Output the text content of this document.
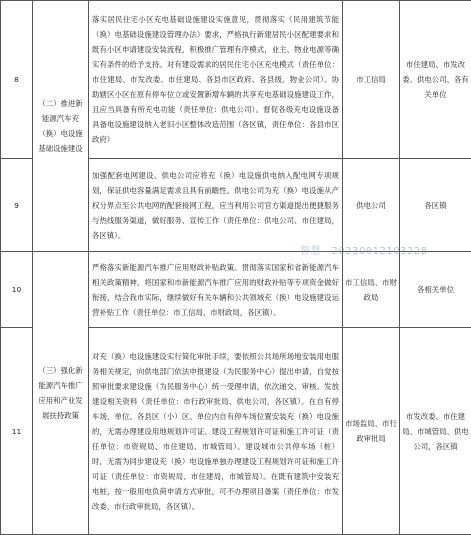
8	（二）推进新能源汽车充（换）电设施基础设施建设	落实居民住宅小区充电基础设施建设实施意见，贯彻落实《民用建筑节能（换）电基础设施建设管理办法》要求，严格执行新建居民小区配建要求和既有小区申请建设安装流程，积极推广管理有序模式，业主、物业电源等确实有条件的给予支持。对有建设需求的居民住宅小区充电模式（责任单位：市住建局、市发改委、市住建局、各县市区政府、各县级、物业公司）。协助辖区小区在原有停车位立或安置新增车辆的共享充电基础设施建设工作，且应当具备有所充电功能（责任单位：供电公司）。督促各级充电设施设备具备电设施建设纳入老旧小区整体改造范围（各区镇，责任单位：各县市区政府）	市工信局	市住建局、市发改委、供电公司、各有关单位
9		加强配套电网建设。供电公司应将充（换）电设施供电纳入配电网专项规划，保证供电容量满足需求且具有前瞻性。供电公司为充（换）电设施从产权分界点至公共电网的配套接网工程，应当利用公司官方渠道提出便捷服务与热线服务渠道，做好服务、宣传工作（责任单位：供电公司、市住建局，各区镇）。	供电公司	各区镇
10	（三）强化新能源汽车推广应用和产业发展扶持政策	严格落实新能源汽车推广应用财政补贴政策。贯彻落实国家和省新能源汽车相关政策精神，将国家和市新能源汽车推广应用的财政补贴等专项资金做好衔接，结合我市实际，继续做好有关车辆和公共领域充（换）电设施建设运营补贴工作（责任单位：市工信局、市财政局，各区镇）。	市工信局、市财政局	各相关单位
11		对充（换）电设施建设实行简化审批手续，要依照公共场所场地安装用电服务相关规定，向供电部门依法申报建设（为民服务中心）提出申请，自觉按照审批要求建设施（为民服务中心）统一受理申请，依次递交、审核、发放建设相关资料（责任单位：市行政审批局、供电公司，各区镇）。在自有停车场、单位、各县区（小）区、单位内自有停车场位置安装充（换）电设施的，无需办理建设用地规划许可证、建设工程规划许可证和施工许可证（责任单位：市资规局、市住建局、市城管局）。建设城市公共停车场（桩）时，无需为同步建设充（换）电设施单独办理建设工程规划许可证和施工许可证（责任单位：市资规局、市住建局，市城管局）。在既有建筑中安装充电桩，按一般用电负荷申请方式审批，可不办理项目备案（责任单位：市发改委、市行政审批局，各区镇）。	市场监局、市行政审批局	市发改委、市住建局、市城管局、供电公司，各区镇
智慧—20230912103228
